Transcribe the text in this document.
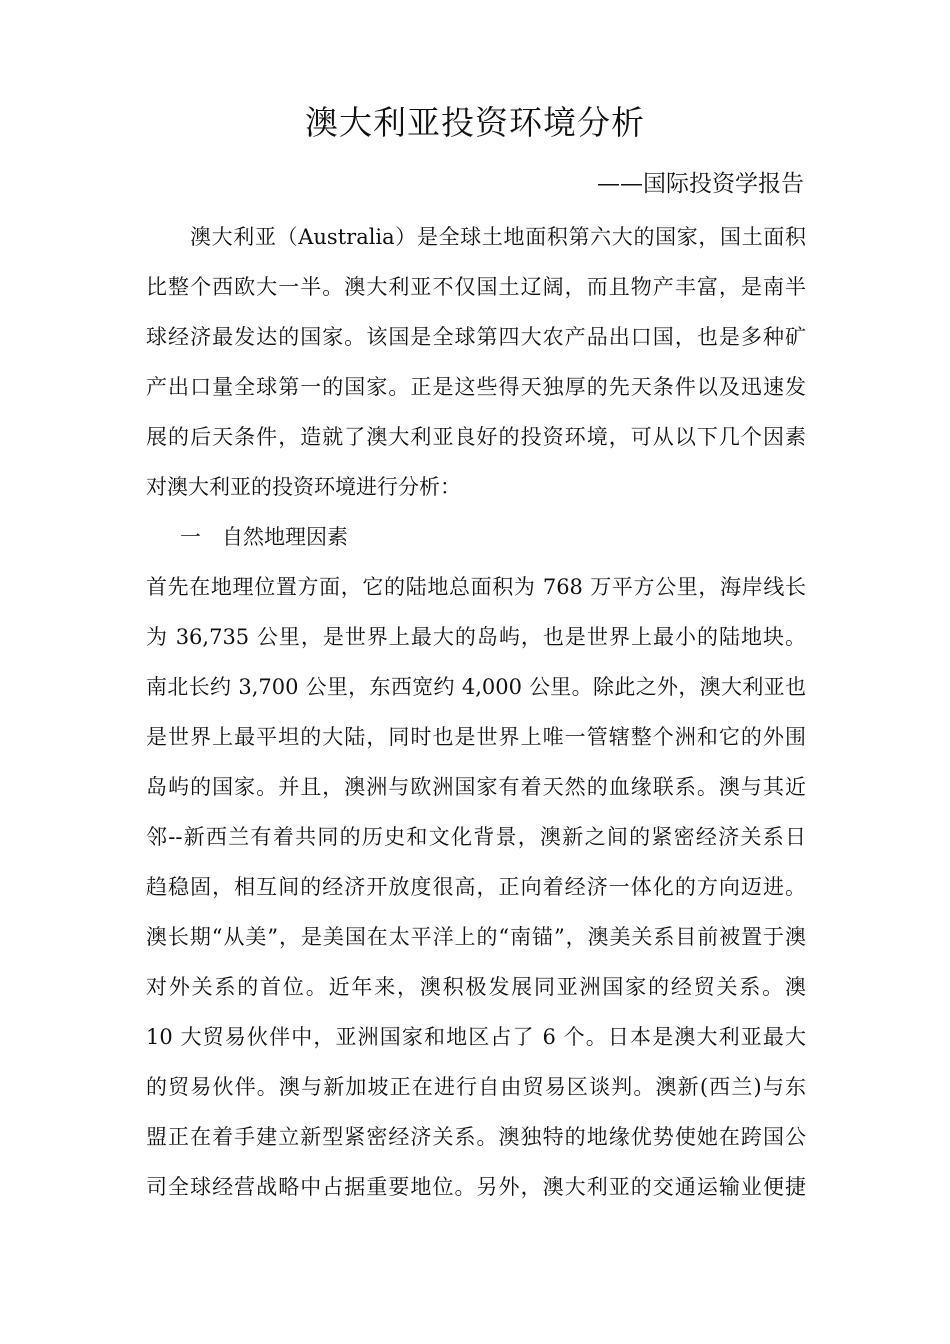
澳大利亚投资环境分析
——国际投资学报告
澳大利亚（Australia）是全球土地面积第六大的国家，国土面积
比整个西欧大一半。澳大利亚不仅国土辽阔，而且物产丰富，是南半
球经济最发达的国家。该国是全球第四大农产品出口国，也是多种矿
产出口量全球第一的国家。正是这些得天独厚的先天条件以及迅速发
展的后天条件，造就了澳大利亚良好的投资环境，可从以下几个因素
对澳大利亚的投资环境进行分析：
一　自然地理因素
首先在地理位置方面，它的陆地总面积为 768 万平方公里，海岸线长
为 36,735 公里，是世界上最大的岛屿，也是世界上最小的陆地块。
南北长约 3,700 公里，东西宽约 4,000 公里。除此之外，澳大利亚也
是世界上最平坦的大陆，同时也是世界上唯一管辖整个洲和它的外围
岛屿的国家。并且，澳洲与欧洲国家有着天然的血缘联系。澳与其近
邻--新西兰有着共同的历史和文化背景，澳新之间的紧密经济关系日
趋稳固，相互间的经济开放度很高，正向着经济一体化的方向迈进。
澳长期“从美”，是美国在太平洋上的“南锚”，澳美关系目前被置于澳
对外关系的首位。近年来，澳积极发展同亚洲国家的经贸关系。澳
10 大贸易伙伴中，亚洲国家和地区占了 6 个。日本是澳大利亚最大
的贸易伙伴。澳与新加坡正在进行自由贸易区谈判。澳新(西兰)与东
盟正在着手建立新型紧密经济关系。澳独特的地缘优势使她在跨国公
司全球经营战略中占据重要地位。另外，澳大利亚的交通运输业便捷
